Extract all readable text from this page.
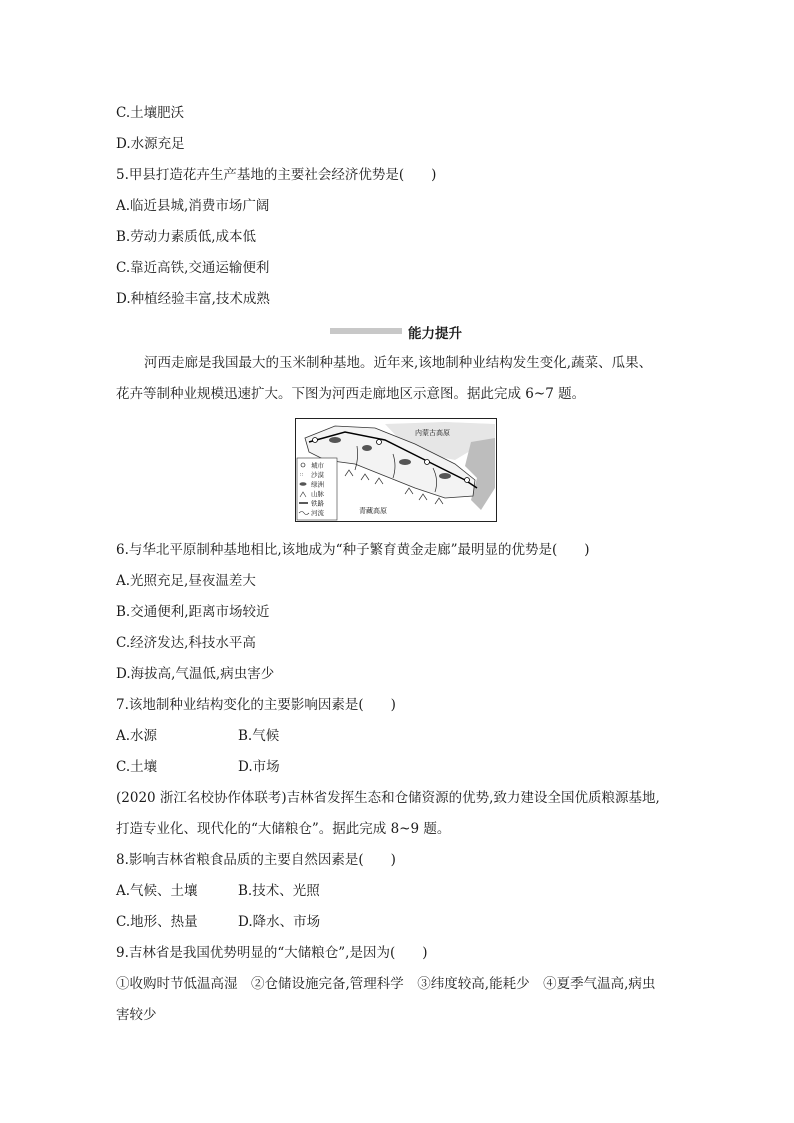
C.土壤肥沃
D.水源充足
5.甲县打造花卉生产基地的主要社会经济优势是(　　)
A.临近县城,消费市场广阔
B.劳动力素质低,成本低
C.靠近高铁,交通运输便利
D.种植经验丰富,技术成熟
能力提升
河西走廊是我国最大的玉米制种基地。近年来,该地制种业结构发生变化,蔬菜、瓜果、
花卉等制种业规模迅速扩大。下图为河西走廊地区示意图。据此完成 6~7 题。
城市
∷ 沙漠
绿洲
山脉
铁路
河流
内蒙古高原
青藏高原
6.与华北平原制种基地相比,该地成为“种子繁育黄金走廊”最明显的优势是(　　)
A.光照充足,昼夜温差大
B.交通便利,距离市场较近
C.经济发达,科技水平高
D.海拔高,气温低,病虫害少
7.该地制种业结构变化的主要影响因素是(　　)
A.水源	B.气候
C.土壤	D.市场
(2020 浙江名校协作体联考)吉林省发挥生态和仓储资源的优势,致力建设全国优质粮源基地,
打造专业化、现代化的“大储粮仓”。据此完成 8~9 题。
8.影响吉林省粮食品质的主要自然因素是(　　)
A.气候、土壤	B.技术、光照
C.地形、热量	D.降水、市场
9.吉林省是我国优势明显的“大储粮仓”,是因为(　　)
①收购时节低温高湿　②仓储设施完备,管理科学　③纬度较高,能耗少　④夏季气温高,病虫
害较少
